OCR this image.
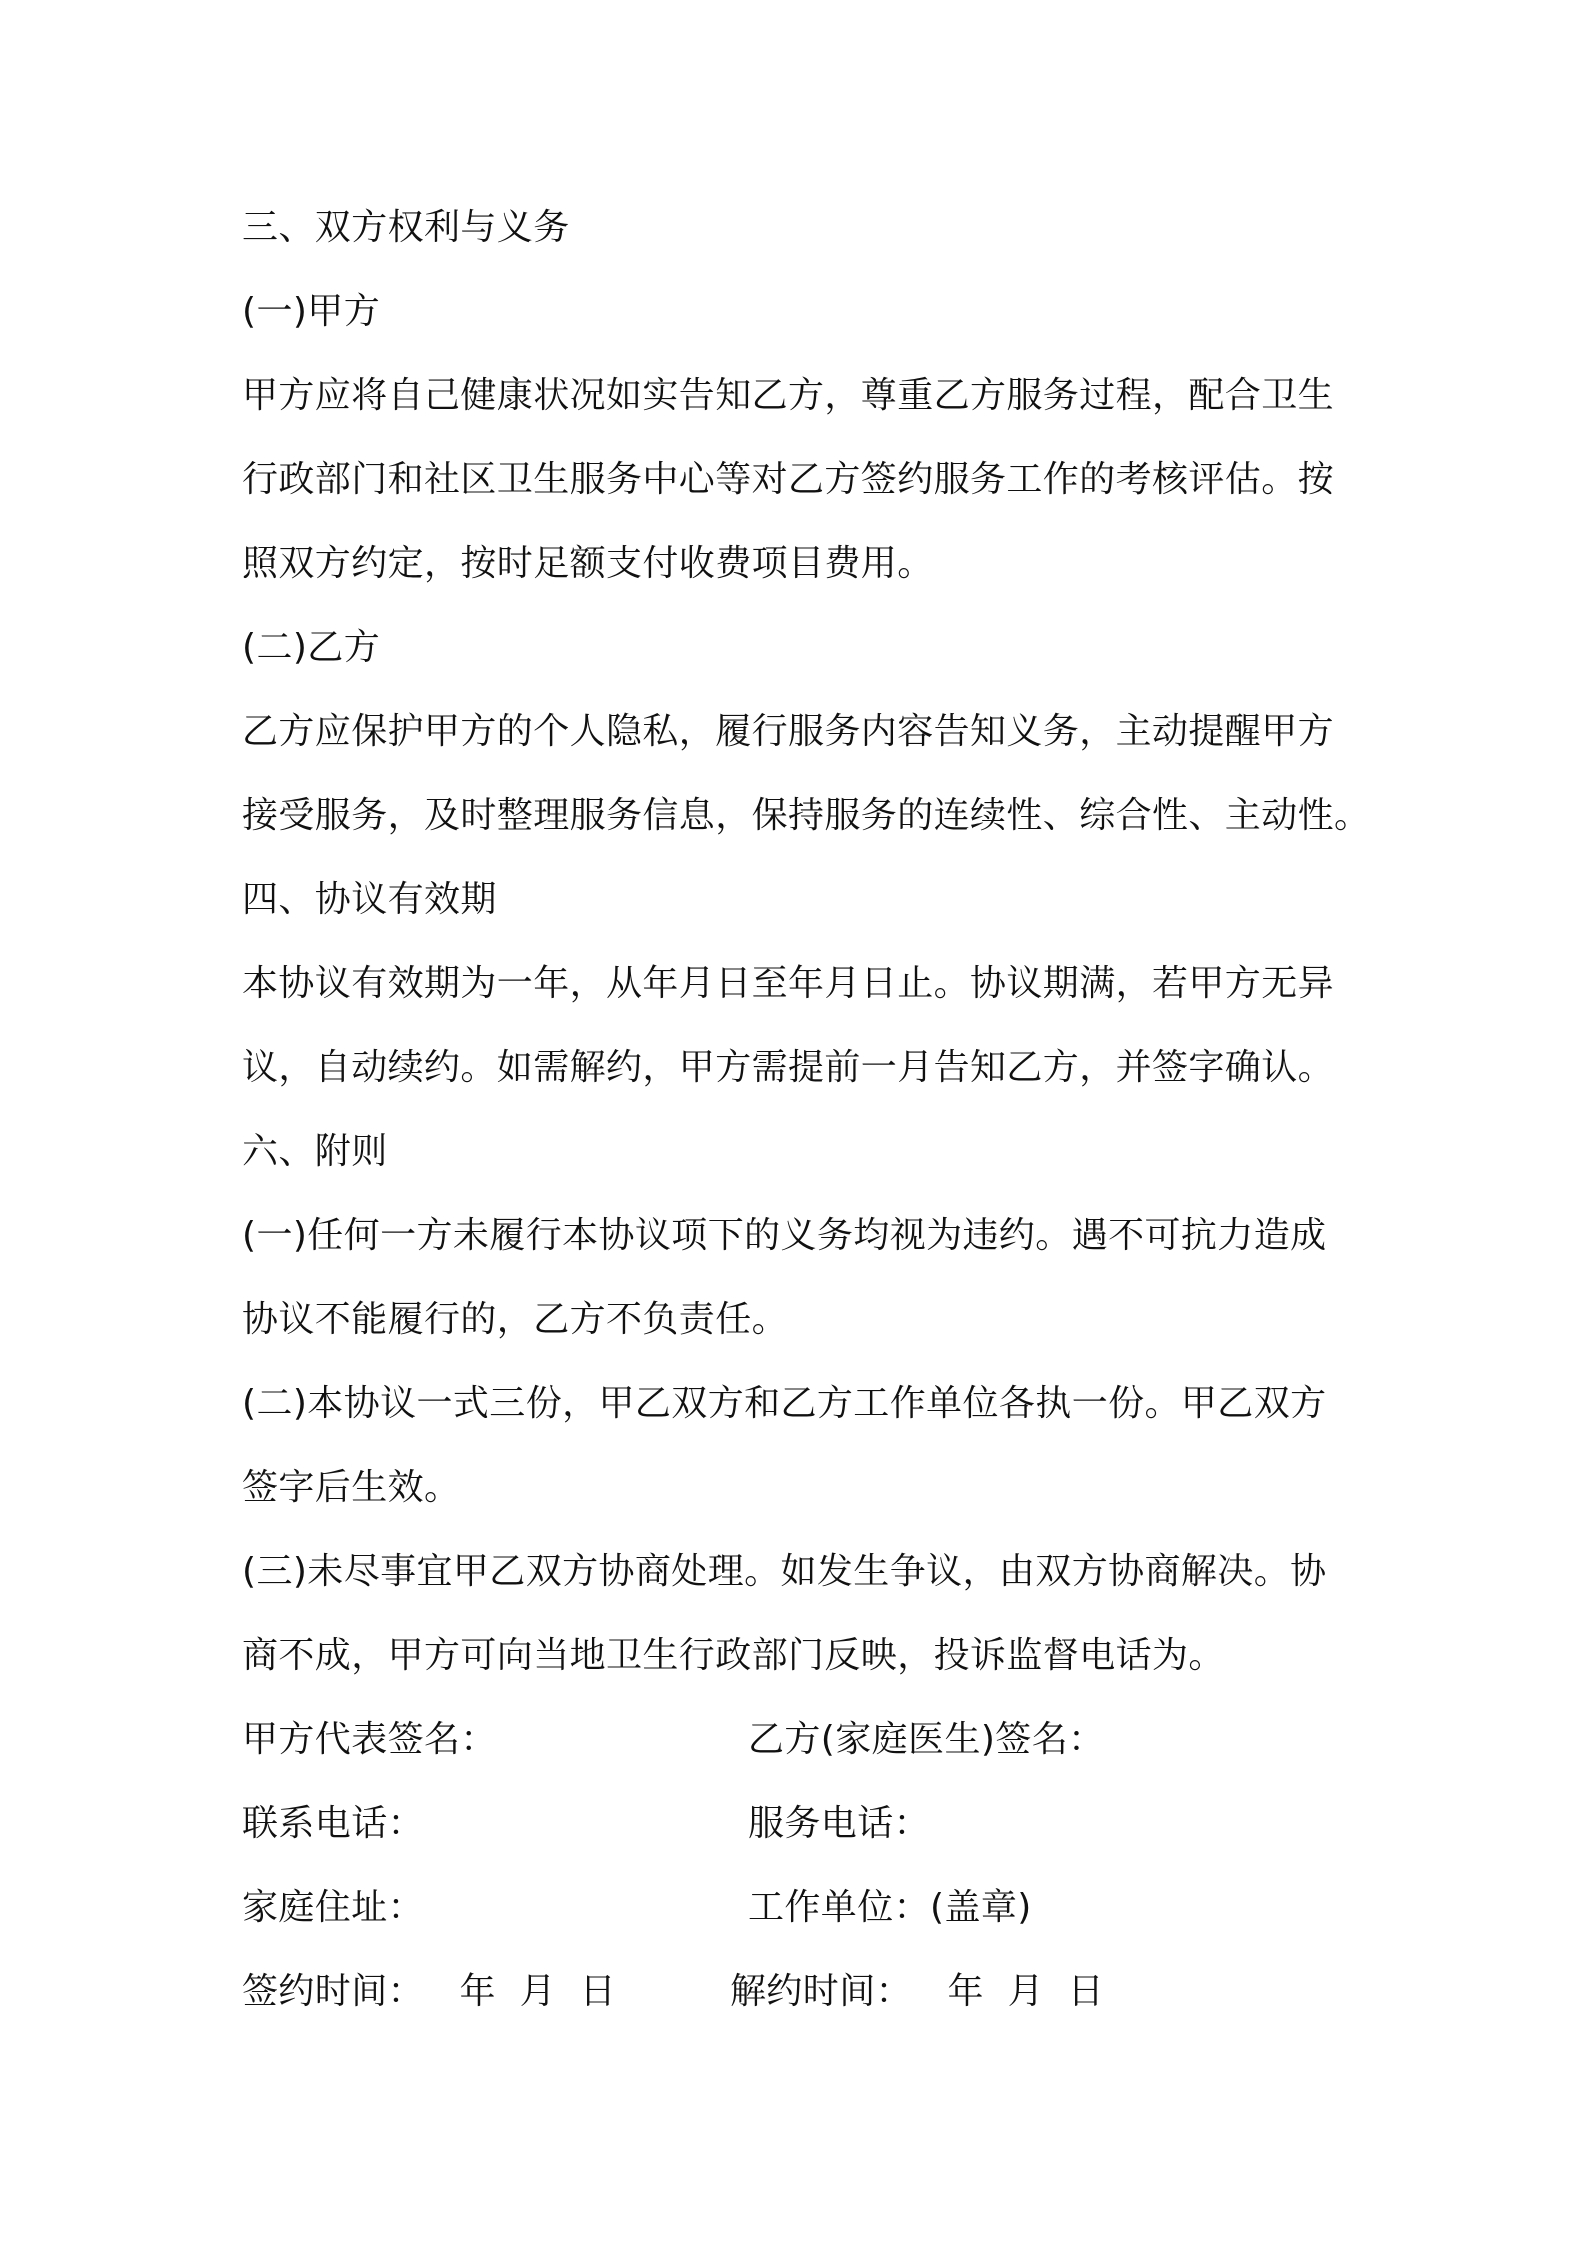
三、双方权利与义务
(一)甲方
甲方应将自己健康状况如实告知乙方，尊重乙方服务过程，配合卫生
行政部门和社区卫生服务中心等对乙方签约服务工作的考核评估。按
照双方约定，按时足额支付收费项目费用。
(二)乙方
乙方应保护甲方的个人隐私，履行服务内容告知义务，主动提醒甲方
接受服务，及时整理服务信息，保持服务的连续性、综合性、主动性。
四、协议有效期
本协议有效期为一年，从年月日至年月日止。协议期满，若甲方无异
议，自动续约。如需解约，甲方需提前一月告知乙方，并签字确认。
六、附则
(一)任何一方未履行本协议项下的义务均视为违约。遇不可抗力造成
协议不能履行的，乙方不负责任。
(二)本协议一式三份，甲乙双方和乙方工作单位各执一份。甲乙双方
签字后生效。
(三)未尽事宜甲乙双方协商处理。如发生争议，由双方协商解决。协
商不成，甲方可向当地卫生行政部门反映，投诉监督电话为。
甲方代表签名：	乙方(家庭医生)签名：
联系电话：	服务电话：
家庭住址：	工作单位：(盖章)
签约时间：   年  月  日	解约时间：   年  月  日
